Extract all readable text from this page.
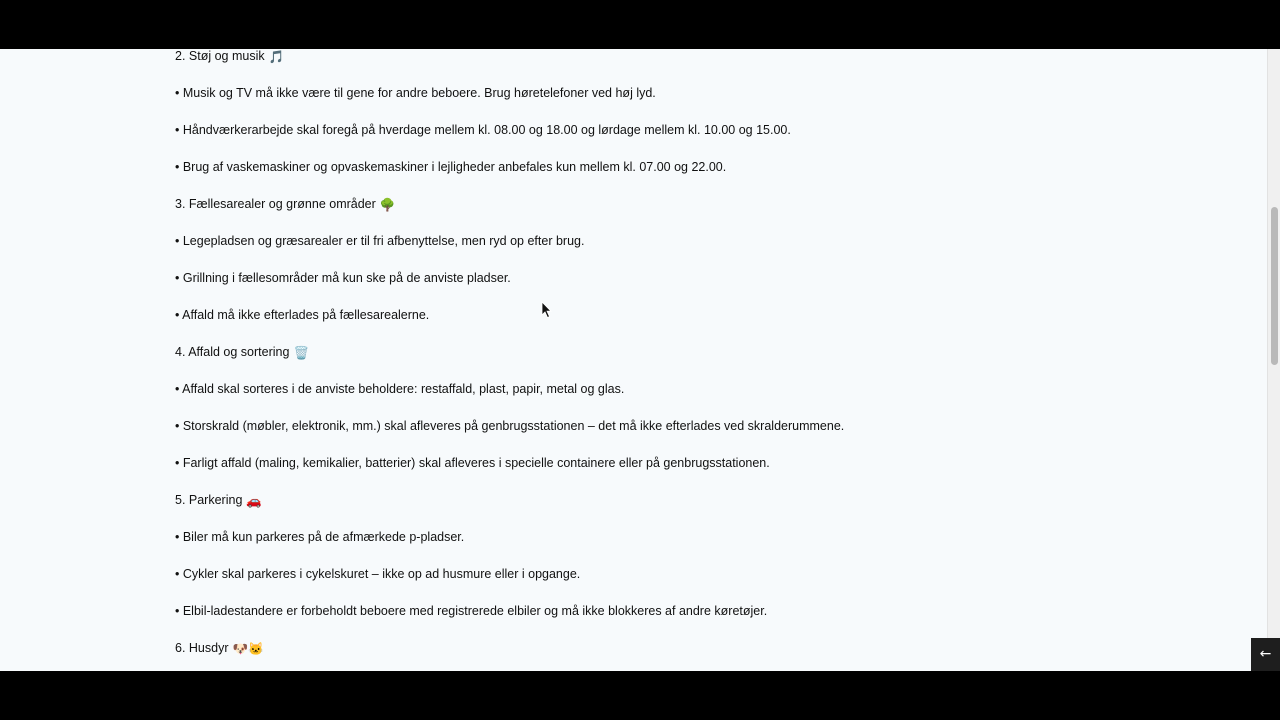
2. Støj og musik 🎵
• Musik og TV må ikke være til gene for andre beboere. Brug høretelefoner ved høj lyd.
• Håndværkerarbejde skal foregå på hverdage mellem kl. 08.00 og 18.00 og lørdage mellem kl. 10.00 og 15.00.
• Brug af vaskemaskiner og opvaskemaskiner i lejligheder anbefales kun mellem kl. 07.00 og 22.00.
3. Fællesarealer og grønne områder 🌳
• Legepladsen og græsarealer er til fri afbenyttelse, men ryd op efter brug.
• Grillning i fællesområder må kun ske på de anviste pladser.
• Affald må ikke efterlades på fællesarealerne.
4. Affald og sortering 🗑️
• Affald skal sorteres i de anviste beholdere: restaffald, plast, papir, metal og glas.
• Storskrald (møbler, elektronik, mm.) skal afleveres på genbrugsstationen – det må ikke efterlades ved skralderummene.
• Farligt affald (maling, kemikalier, batterier) skal afleveres i specielle containere eller på genbrugsstationen.
5. Parkering 🚗
• Biler må kun parkeres på de afmærkede p-pladser.
• Cykler skal parkeres i cykelskuret – ikke op ad husmure eller i opgange.
• Elbil-ladestandere er forbeholdt beboere med registrerede elbiler og må ikke blokkeres af andre køretøjer.
6. Husdyr 🐶🐱	←
